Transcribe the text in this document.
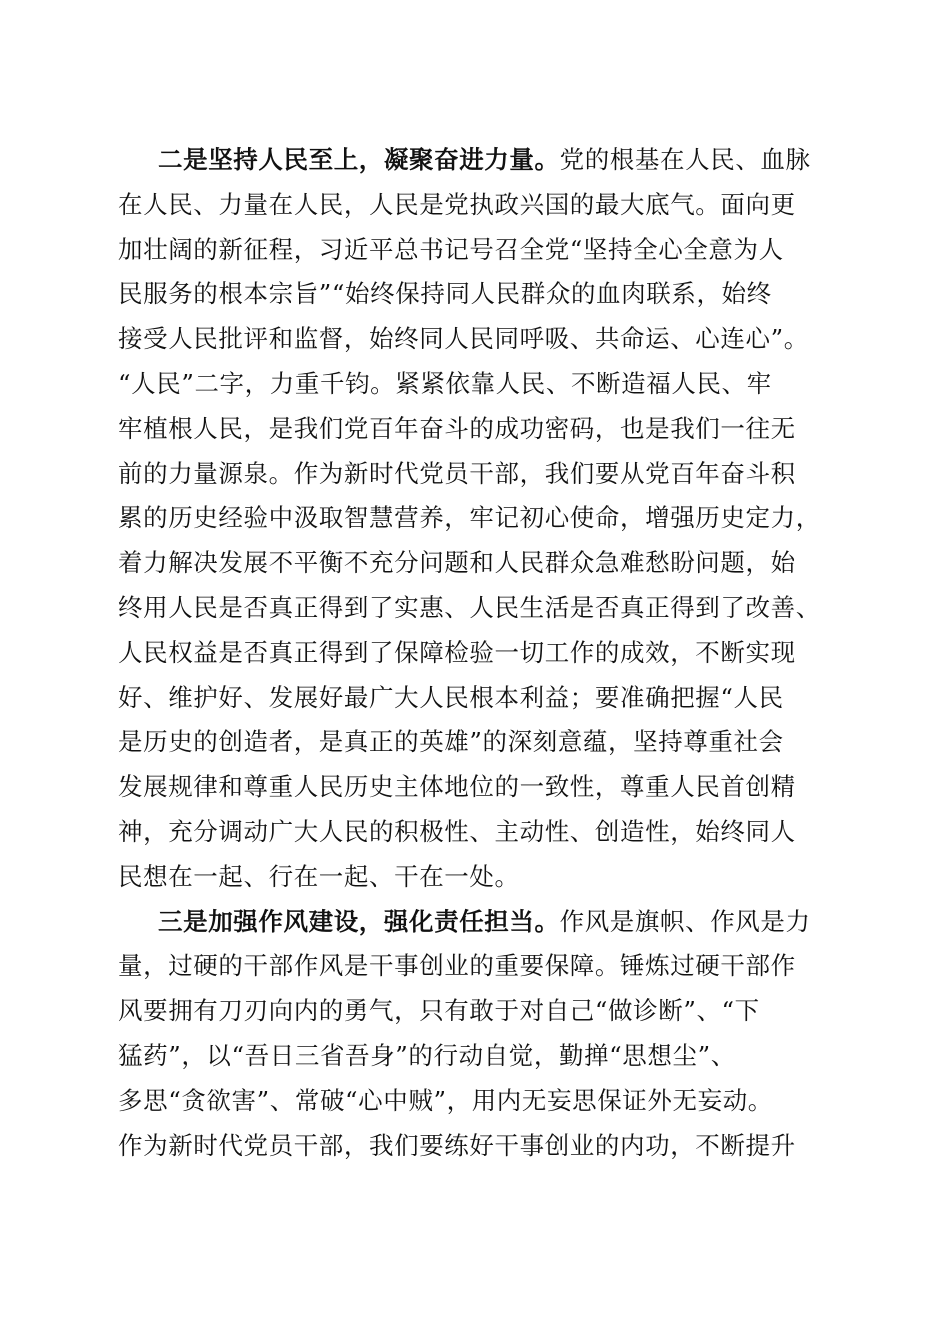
二是坚持人民至上，凝聚奋进力量。党的根基在人民、血脉
在人民、力量在人民，人民是党执政兴国的最大底气。面向更
加壮阔的新征程，习近平总书记号召全党“坚持全心全意为人
民服务的根本宗旨”“始终保持同人民群众的血肉联系，始终
接受人民批评和监督，始终同人民同呼吸、共命运、心连心”。
“人民”二字，力重千钧。紧紧依靠人民、不断造福人民、牢
牢植根人民，是我们党百年奋斗的成功密码，也是我们一往无
前的力量源泉。作为新时代党员干部，我们要从党百年奋斗积
累的历史经验中汲取智慧营养，牢记初心使命，增强历史定力，
着力解决发展不平衡不充分问题和人民群众急难愁盼问题，始
终用人民是否真正得到了实惠、人民生活是否真正得到了改善、
人民权益是否真正得到了保障检验一切工作的成效，不断实现
好、维护好、发展好最广大人民根本利益；要准确把握“人民
是历史的创造者，是真正的英雄”的深刻意蕴，坚持尊重社会
发展规律和尊重人民历史主体地位的一致性，尊重人民首创精
神，充分调动广大人民的积极性、主动性、创造性，始终同人
民想在一起、行在一起、干在一处。
三是加强作风建设，强化责任担当。作风是旗帜、作风是力
量，过硬的干部作风是干事创业的重要保障。锤炼过硬干部作
风要拥有刀刃向内的勇气，只有敢于对自己“做诊断”、“下
猛药”，以“吾日三省吾身”的行动自觉，勤掸“思想尘”、
多思“贪欲害”、常破“心中贼”，用内无妄思保证外无妄动。
作为新时代党员干部，我们要练好干事创业的内功，不断提升
